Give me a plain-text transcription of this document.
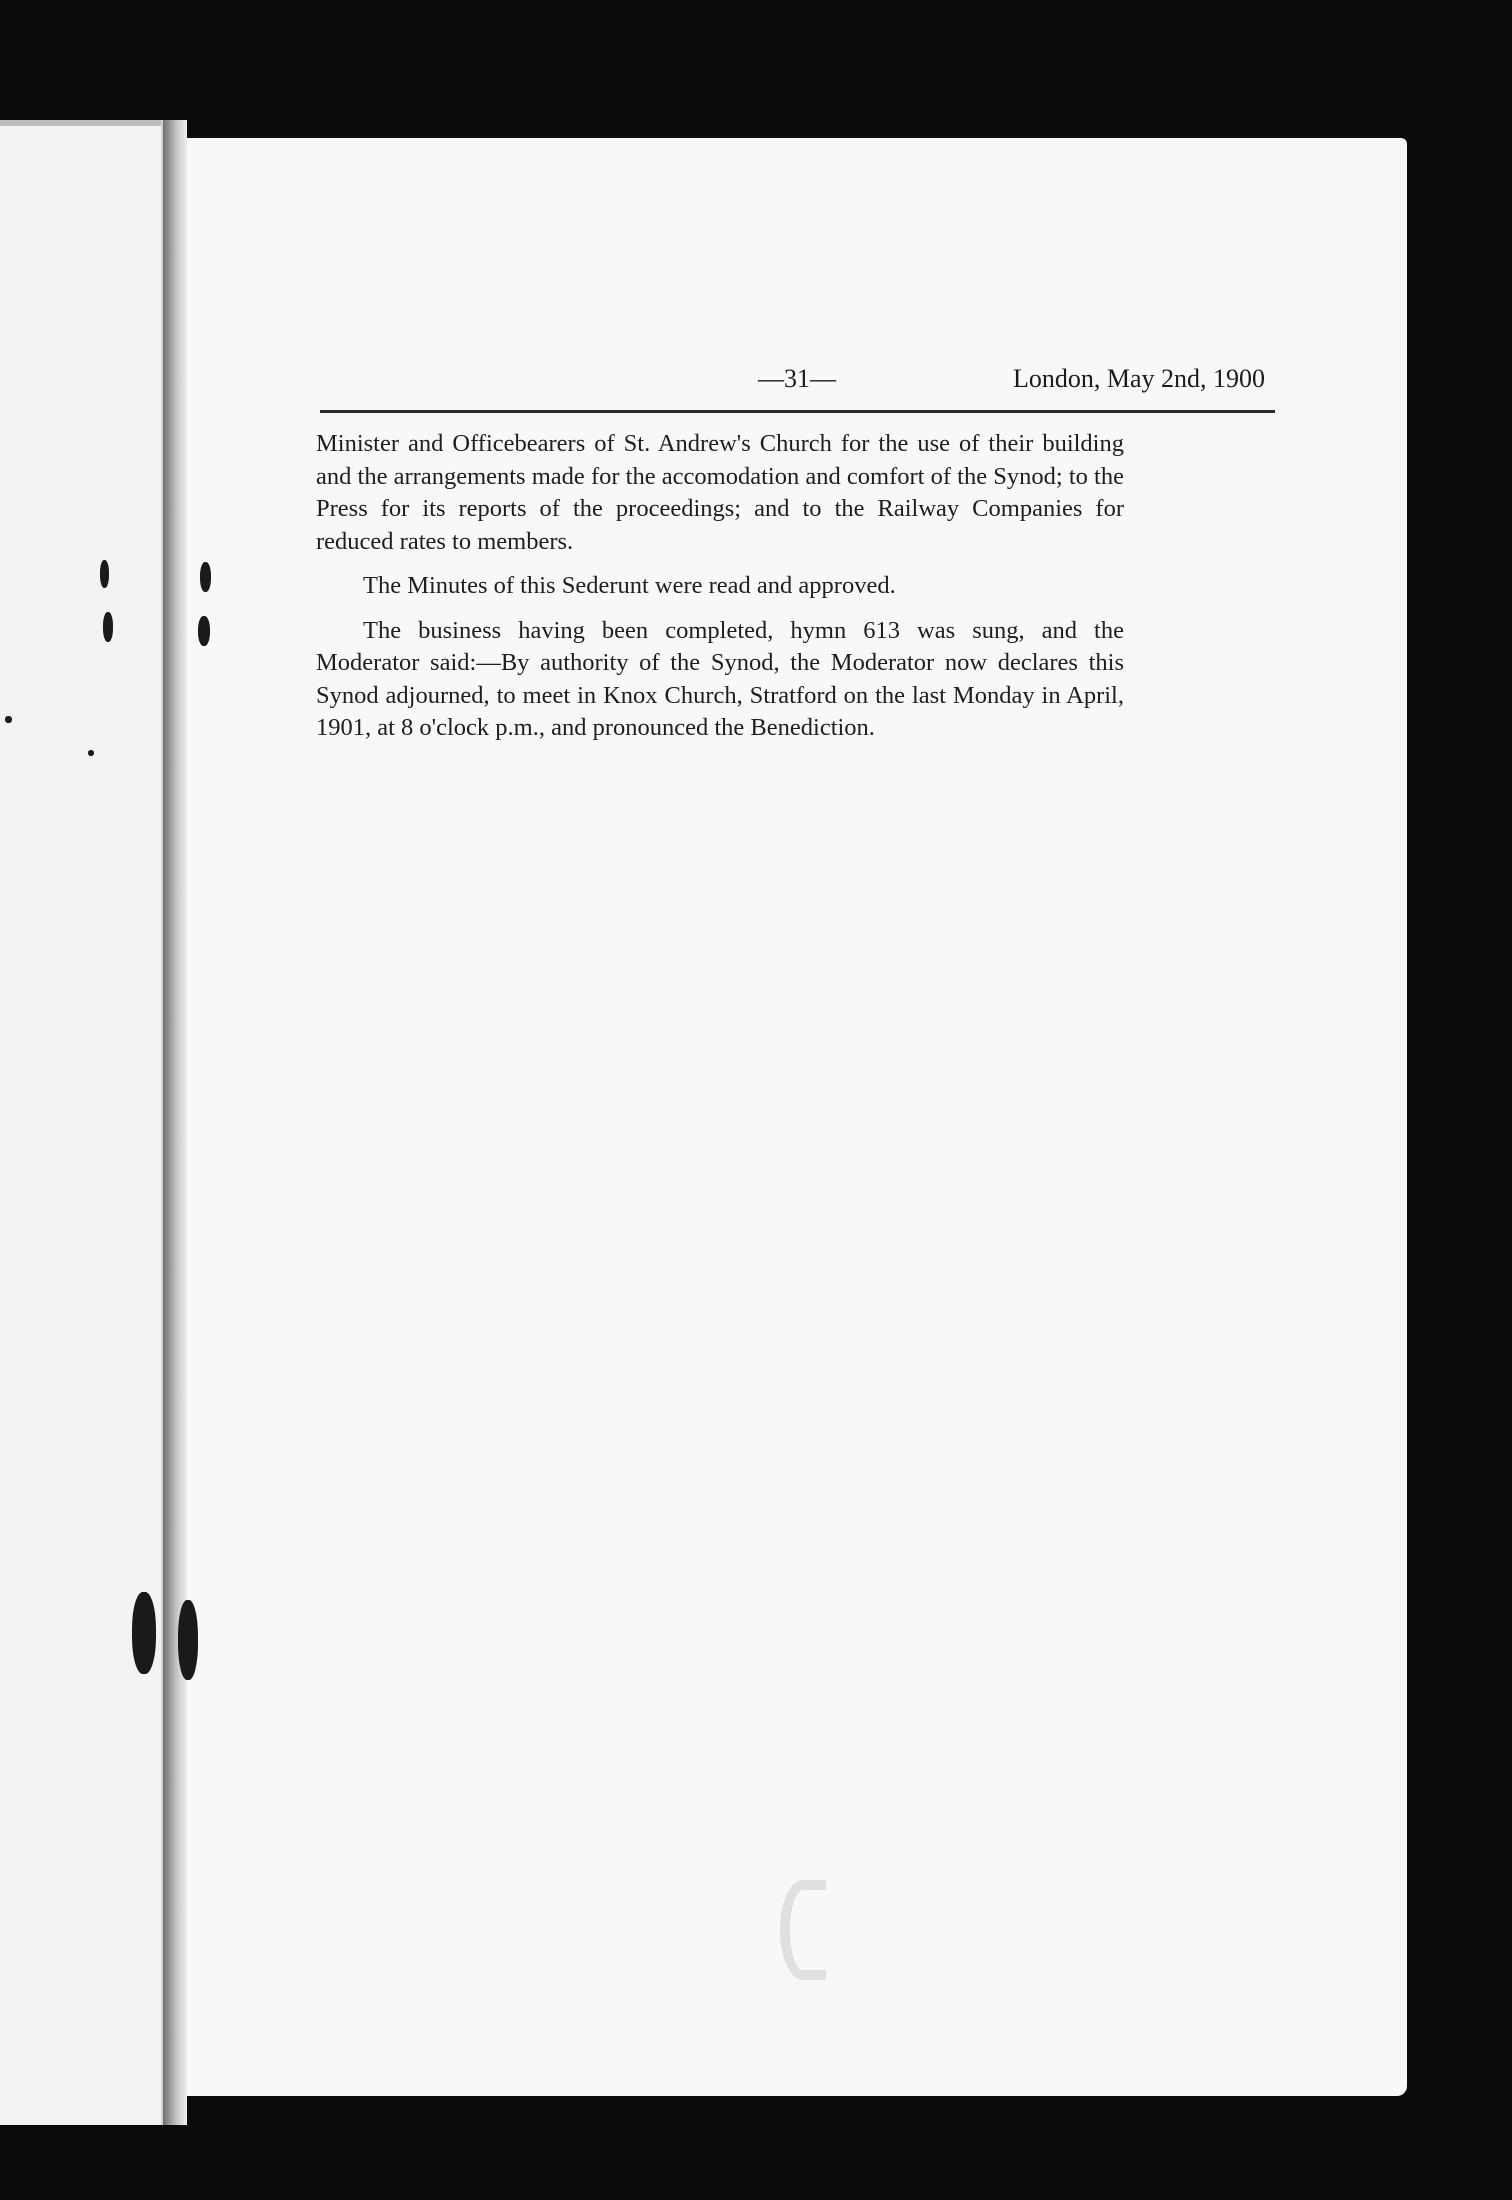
—31—	London, May 2nd, 1900

Minister and Officebearers of St. Andrew's Church for the use of their building and the arrangements made for the accomodation and comfort of the Synod; to the Press for its reports of the proceedings; and to the Railway Companies for reduced rates to members.

The Minutes of this Sederunt were read and approved.

The business having been completed, hymn 613 was sung, and the Moderator said:—By authority of the Synod, the Moderator now declares this Synod adjourned, to meet in Knox Church, Stratford on the last Monday in April, 1901, at 8 o'clock p.m., and pronounced the Benediction.
